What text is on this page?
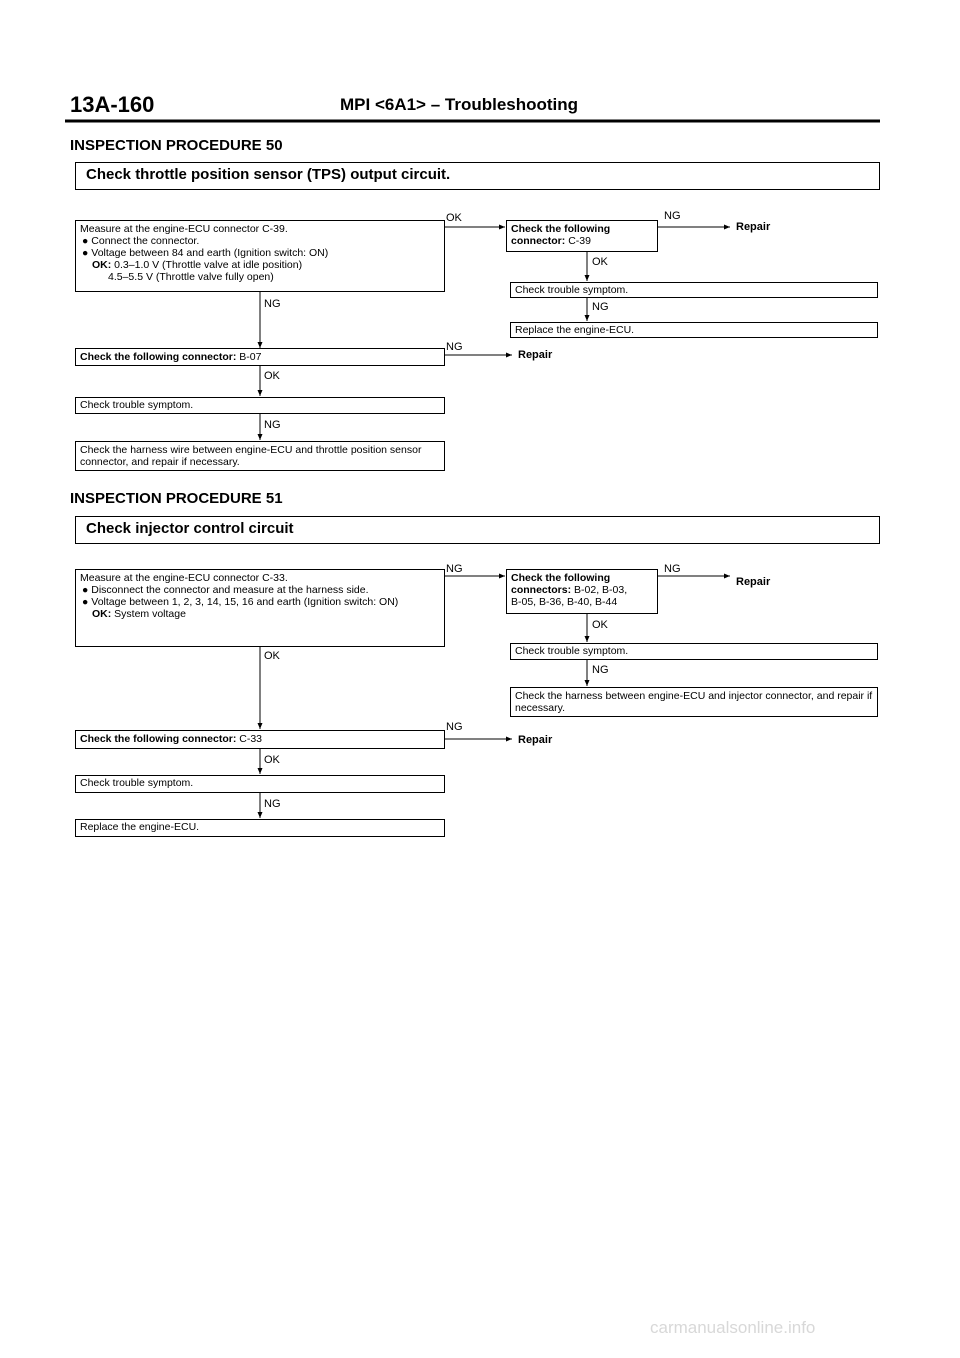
13A-160	MPI <6A1> – Troubleshooting
INSPECTION PROCEDURE 50
Check throttle position sensor (TPS) output circuit.
Measure at the engine-ECU connector C-39.
● Connect the connector.
● Voltage between 84 and earth (Ignition switch: ON)
OK: 0.3–1.0 V (Throttle valve at idle position)
4.5–5.5 V (Throttle valve fully open)
OK
Check the following
connector: C-39
NG
Repair
OK
Check trouble symptom.
NG
Replace the engine-ECU.
NG
Check the following connector: B-07
NG
Repair
OK
Check trouble symptom.
NG
Check the harness wire between engine-ECU and throttle position sensor connector, and repair if necessary.
INSPECTION PROCEDURE 51
Check injector control circuit
Measure at the engine-ECU connector C-33.
● Disconnect the connector and measure at the harness side.
● Voltage between 1, 2, 3, 14, 15, 16 and earth (Ignition switch: ON)
OK: System voltage
NG
Check the following
connectors: B-02, B-03,
B-05, B-36, B-40, B-44
NG
Repair
OK
Check trouble symptom.
NG
Check the harness between engine-ECU and injector connector, and repair if necessary.
OK
Check the following connector: C-33
NG
Repair
OK
Check trouble symptom.
NG
Replace the engine-ECU.
carmanualsonline.info
